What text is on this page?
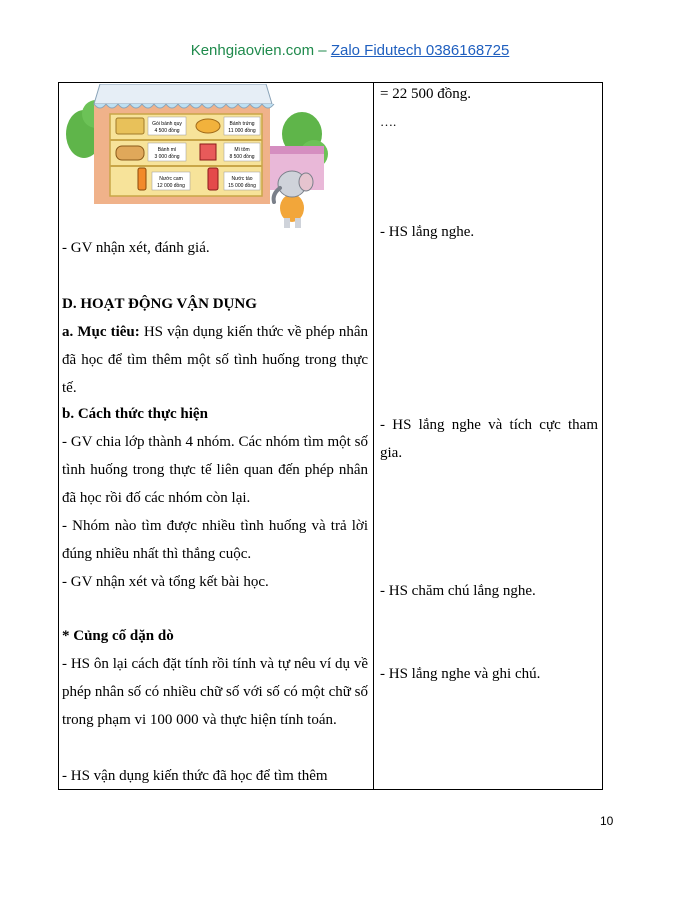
Kenhgiaovien.com – Zalo Fidutech 0386168725
Gói bánh quy
4 500 đồng
Bánh trứng
11 000 đồng
Bánh mì
3 000 đồng
Mì tôm
8 500 đồng
Nước cam
12 000 đồng
Nước táo
15 000 đồng
- GV nhận xét, đánh giá.
D. HOẠT ĐỘNG VẬN DỤNG
a. Mục tiêu: HS vận dụng kiến thức về phép nhân đã học để tìm thêm một số tình huống trong thực tế.
b. Cách thức thực hiện
- GV chia lớp thành 4 nhóm. Các nhóm tìm một số tình huống trong thực tế liên quan đến phép nhân đã học rồi đố các nhóm còn lại.
- Nhóm nào tìm được nhiều tình huống và trả lời đúng nhiều nhất thì thắng cuộc.
- GV nhận xét và tổng kết bài học.
* Củng cố dặn dò
- HS ôn lại cách đặt tính rồi tính và tự nêu ví dụ về phép nhân số có nhiều chữ số với số có một chữ số trong phạm vi 100 000 và thực hiện tính toán.
- HS vận dụng kiến thức đã học để tìm thêm
= 22 500 đồng.
….
- HS lắng nghe.
- HS lắng nghe và tích cực tham gia.
- HS chăm chú lắng nghe.
- HS lắng nghe và ghi chú.
10
